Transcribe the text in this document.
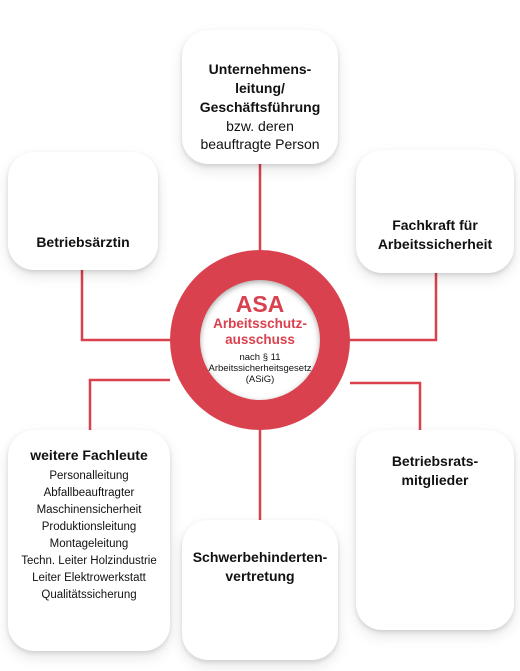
Unternehmens-
leitung/
Geschäftsführung
bzw. deren
beauftragte Person
Betriebsärztin
Fachkraft für
Arbeitssicherheit
weitere Fachleute
Personalleitung
Abfallbeauftragter
Maschinensicherheit
Produktionsleitung
Montageleitung
Techn. Leiter Holzindustrie
Leiter Elektrowerkstatt
Qualitätssicherung
Betriebsrats-
mitglieder
Schwerbehinderten-
vertretung
ASA
Arbeitsschutz-
ausschuss
nach § 11
Arbeitssicherheitsgesetz
(ASiG)
